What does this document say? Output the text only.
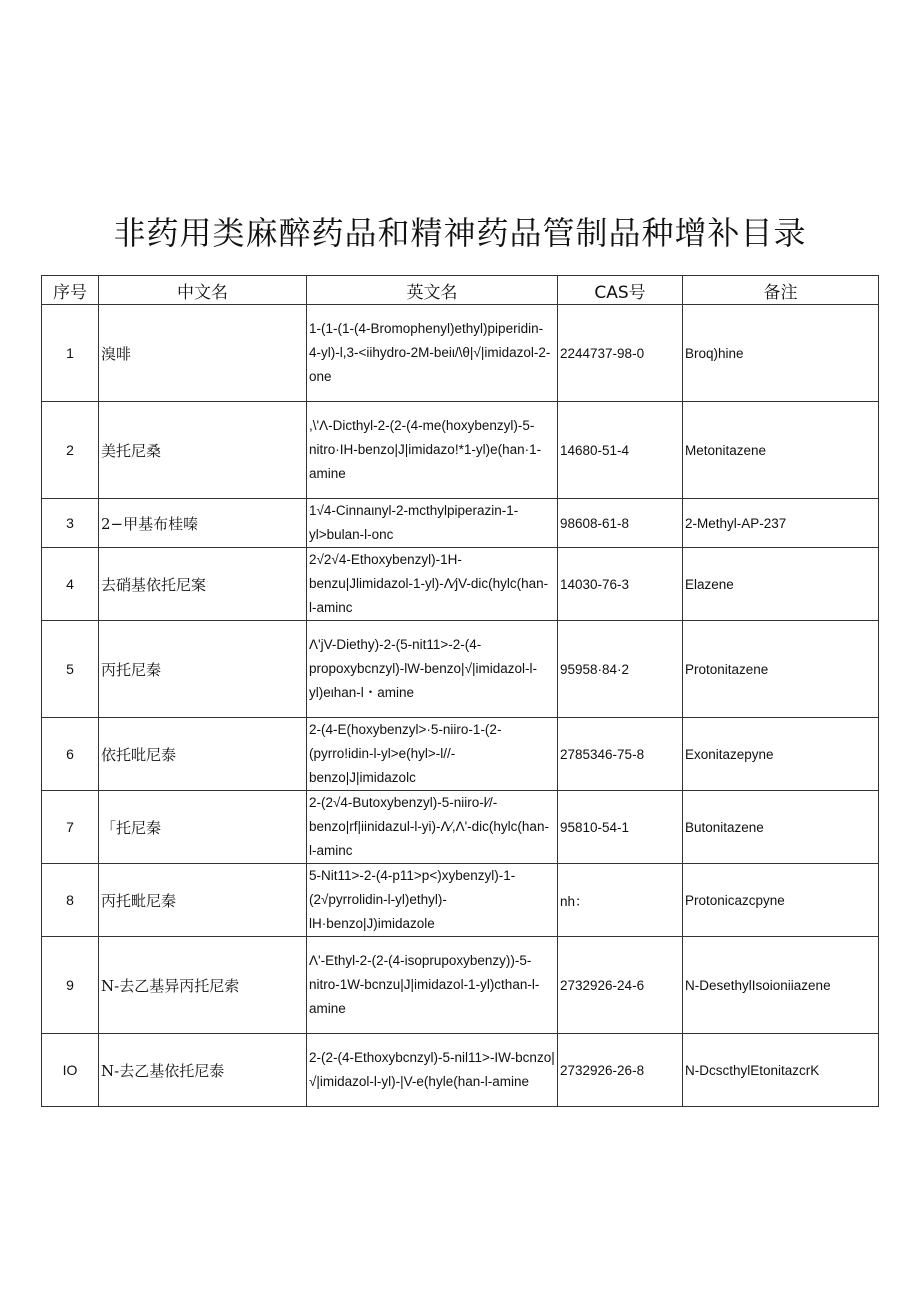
非药用类麻醉药品和精神药品管制品种增补目录
序号	中文名	英文名	CAS号	备注
1	溴啡	1-(1-(1-(4-Bromophenyl)ethyl)piperidin-4-yl)-l,3-<iihydro-2M-beiι/\θ|√|imidazol-2-one	2244737-98-0	Broq)hine
2	美托尼桑	,\'Λ-Dicthyl-2-(2-(4-me(hoxybenzyl)-5-nitro·IH-benzo|J|imidazo!*1-yl)e(han·1-amine	14680-51-4	Metonitazene
3	2−甲基布桂嗪	1√4-Cinnaιnyl-2-mcthylpiperazin-1-yl>bulan-l-onc	98608-61-8	2-Methyl-AP-237
4	去硝基依托尼案	2√2√4-Ethoxybenzyl)-1H-benzu|Jlimidazol-1-yl)-Λ∕jV-dic(hylc(han-l-aminc	14030-76-3	Elazene
5	丙托尼秦	Λ'jV-Diethy)-2-(5-nit11>-2-(4-propoxybcnzyl)-lW-benzo|√|imidazol-l-yl)eιhan-l・amine	95958·84·2	Protonitazene
6	依托吡尼泰	2-(4-E(hoxybenzyl>·5-niiro-1-(2-(pyrro!idin-l-yl>e(hyl>-l//-benzo|J|imidazolc	2785346-75-8	Exonitazepyne
7	「托尼秦	2-(2√4-Butoxybenzyl)-5-niiro-l∕/-benzo|rf|iinidazul-l-yi)-Λ∕,Λ'-dic(hylc(han-l-aminc	95810-54-1	Butonitazene
8	丙托毗尼秦	5-Nit11>-2-(4-p11>p<)xybenzyl)-1-(2√pyrrolidin-l-yl)ethyl)-lH·benzo|J)imidazole	nh：	Protonicazcpyne
9	N-去乙基异丙托尼索	Λ'-Ethyl-2-(2-(4-isoprupoxybenzy))-5-nitro-1W-bcnzu|J|imidazol-1-yl)cthan-l-amine	2732926-24-6	N-DesethylIsoioniiazene
IO	N-去乙基依托尼泰	2-(2-(4-Ethoxybcnzyl)-5-nil11>-IW-bcnzo|√|imidazol-l-yl)-|V-e(hyle(han-l-amine	2732926-26-8	N-DcscthylEtonitazcrK
